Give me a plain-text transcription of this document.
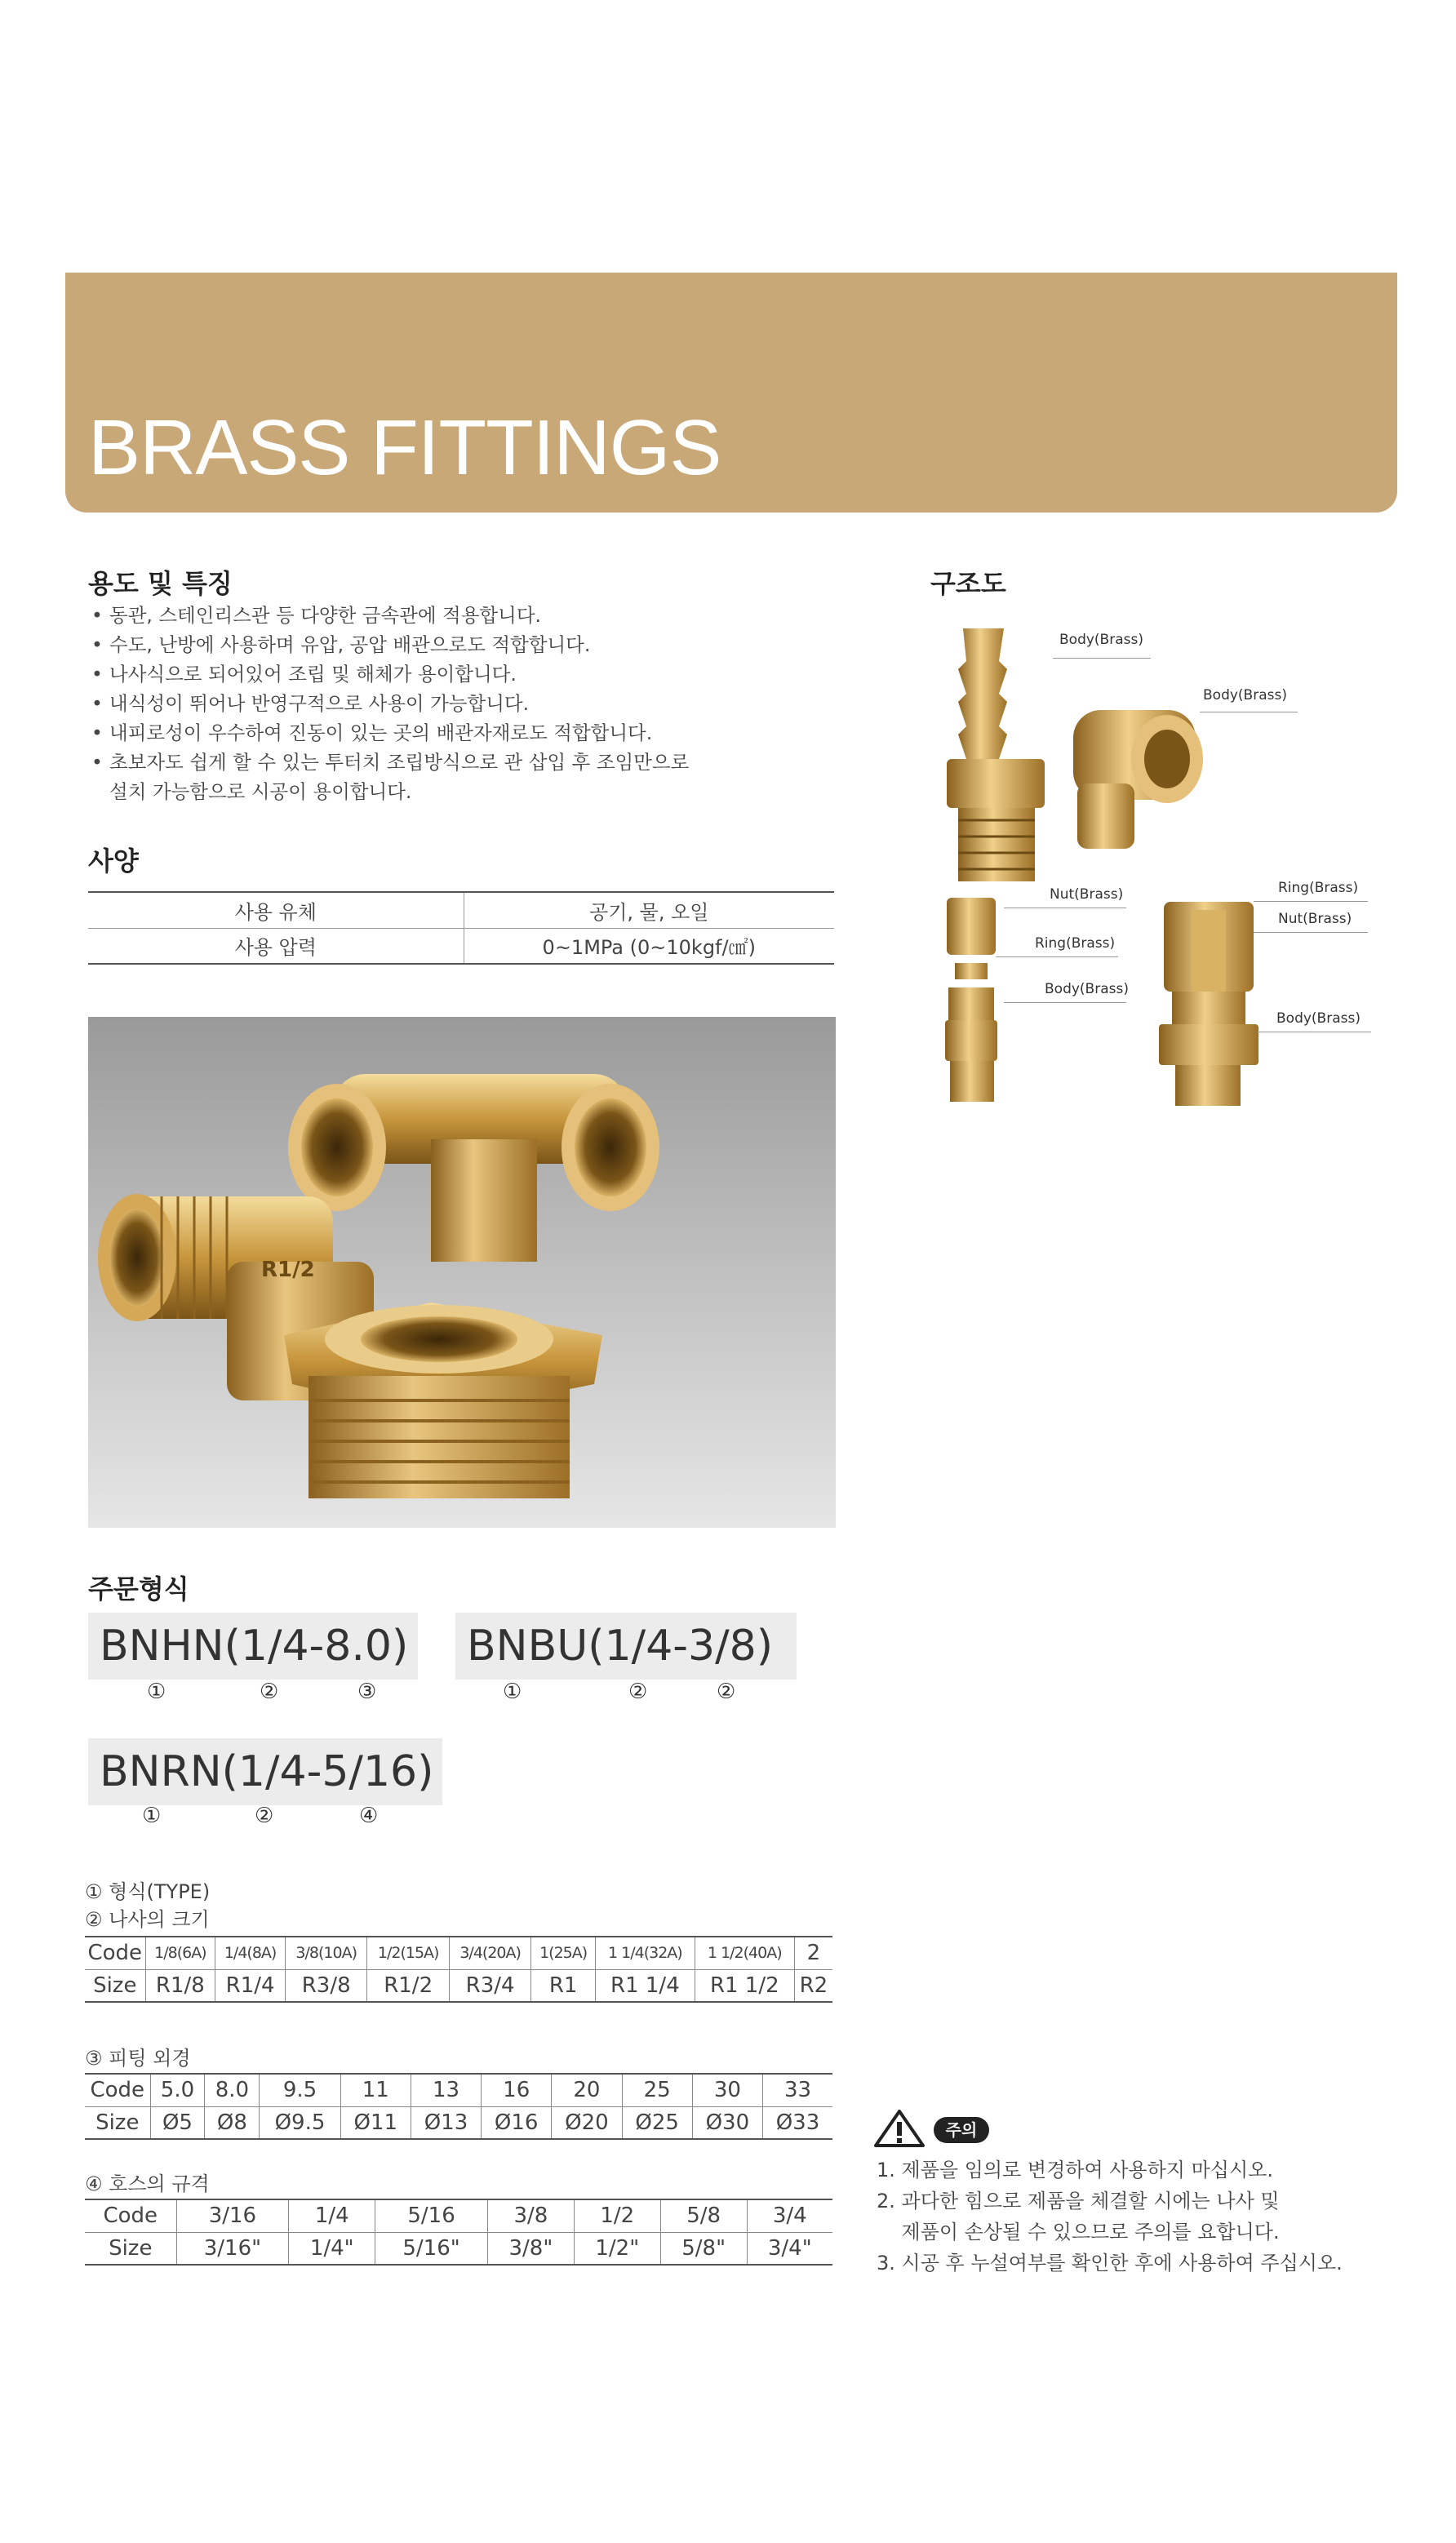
BRASS FITTINGS
용도 및 특징
• 동관, 스테인리스관 등 다양한 금속관에 적용합니다.
• 수도, 난방에 사용하며 유압, 공압 배관으로도 적합합니다.
• 나사식으로 되어있어 조립 및 해체가 용이합니다.
• 내식성이 뛰어나 반영구적으로 사용이 가능합니다.
• 내피로성이 우수하여 진동이 있는 곳의 배관자재로도 적합합니다.
• 초보자도 쉽게 할 수 있는 투터치 조립방식으로 관 삽입 후 조임만으로
설치 가능함으로 시공이 용이합니다.
사양
사용 유체	공기, 물, 오일
사용 압력	0~1MPa (0~10kgf/㎠)
R1/2
구조도
Body(Brass)
Body(Brass)
Nut(Brass)
Ring(Brass)
Body(Brass)
Ring(Brass)
Nut(Brass)
Body(Brass)
주문형식
BNHN(1/4-8.0) BNBU(1/4-3/8)
①	②	③	①	②	②
BNRN(1/4-5/16)
①	②	④
① 형식(TYPE)
② 나사의 크기
Code	1/8(6A)	1/4(8A)	3/8(10A)	1/2(15A)	3/4(20A)	1(25A)	1 1/4(32A)	1 1/2(40A)	2
Size	R1/8	R1/4	R3/8	R1/2	R3/4	R1	R1 1/4	R1 1/2	R2
③ 피팅 외경
Code	5.0	8.0	9.5	11	13	16	20	25	30	33
Size	Ø5	Ø8	Ø9.5	Ø11	Ø13	Ø16	Ø20	Ø25	Ø30	Ø33
④ 호스의 규격
Code	3/16	1/4	5/16	3/8	1/2	5/8	3/4
Size	3/16"	1/4"	5/16"	3/8"	1/2"	5/8"	3/4"
주의
1. 제품을 임의로 변경하여 사용하지 마십시오.
2. 과다한 힘으로 제품을 체결할 시에는 나사 및
제품이 손상될 수 있으므로 주의를 요합니다.
3. 시공 후 누설여부를 확인한 후에 사용하여 주십시오.
